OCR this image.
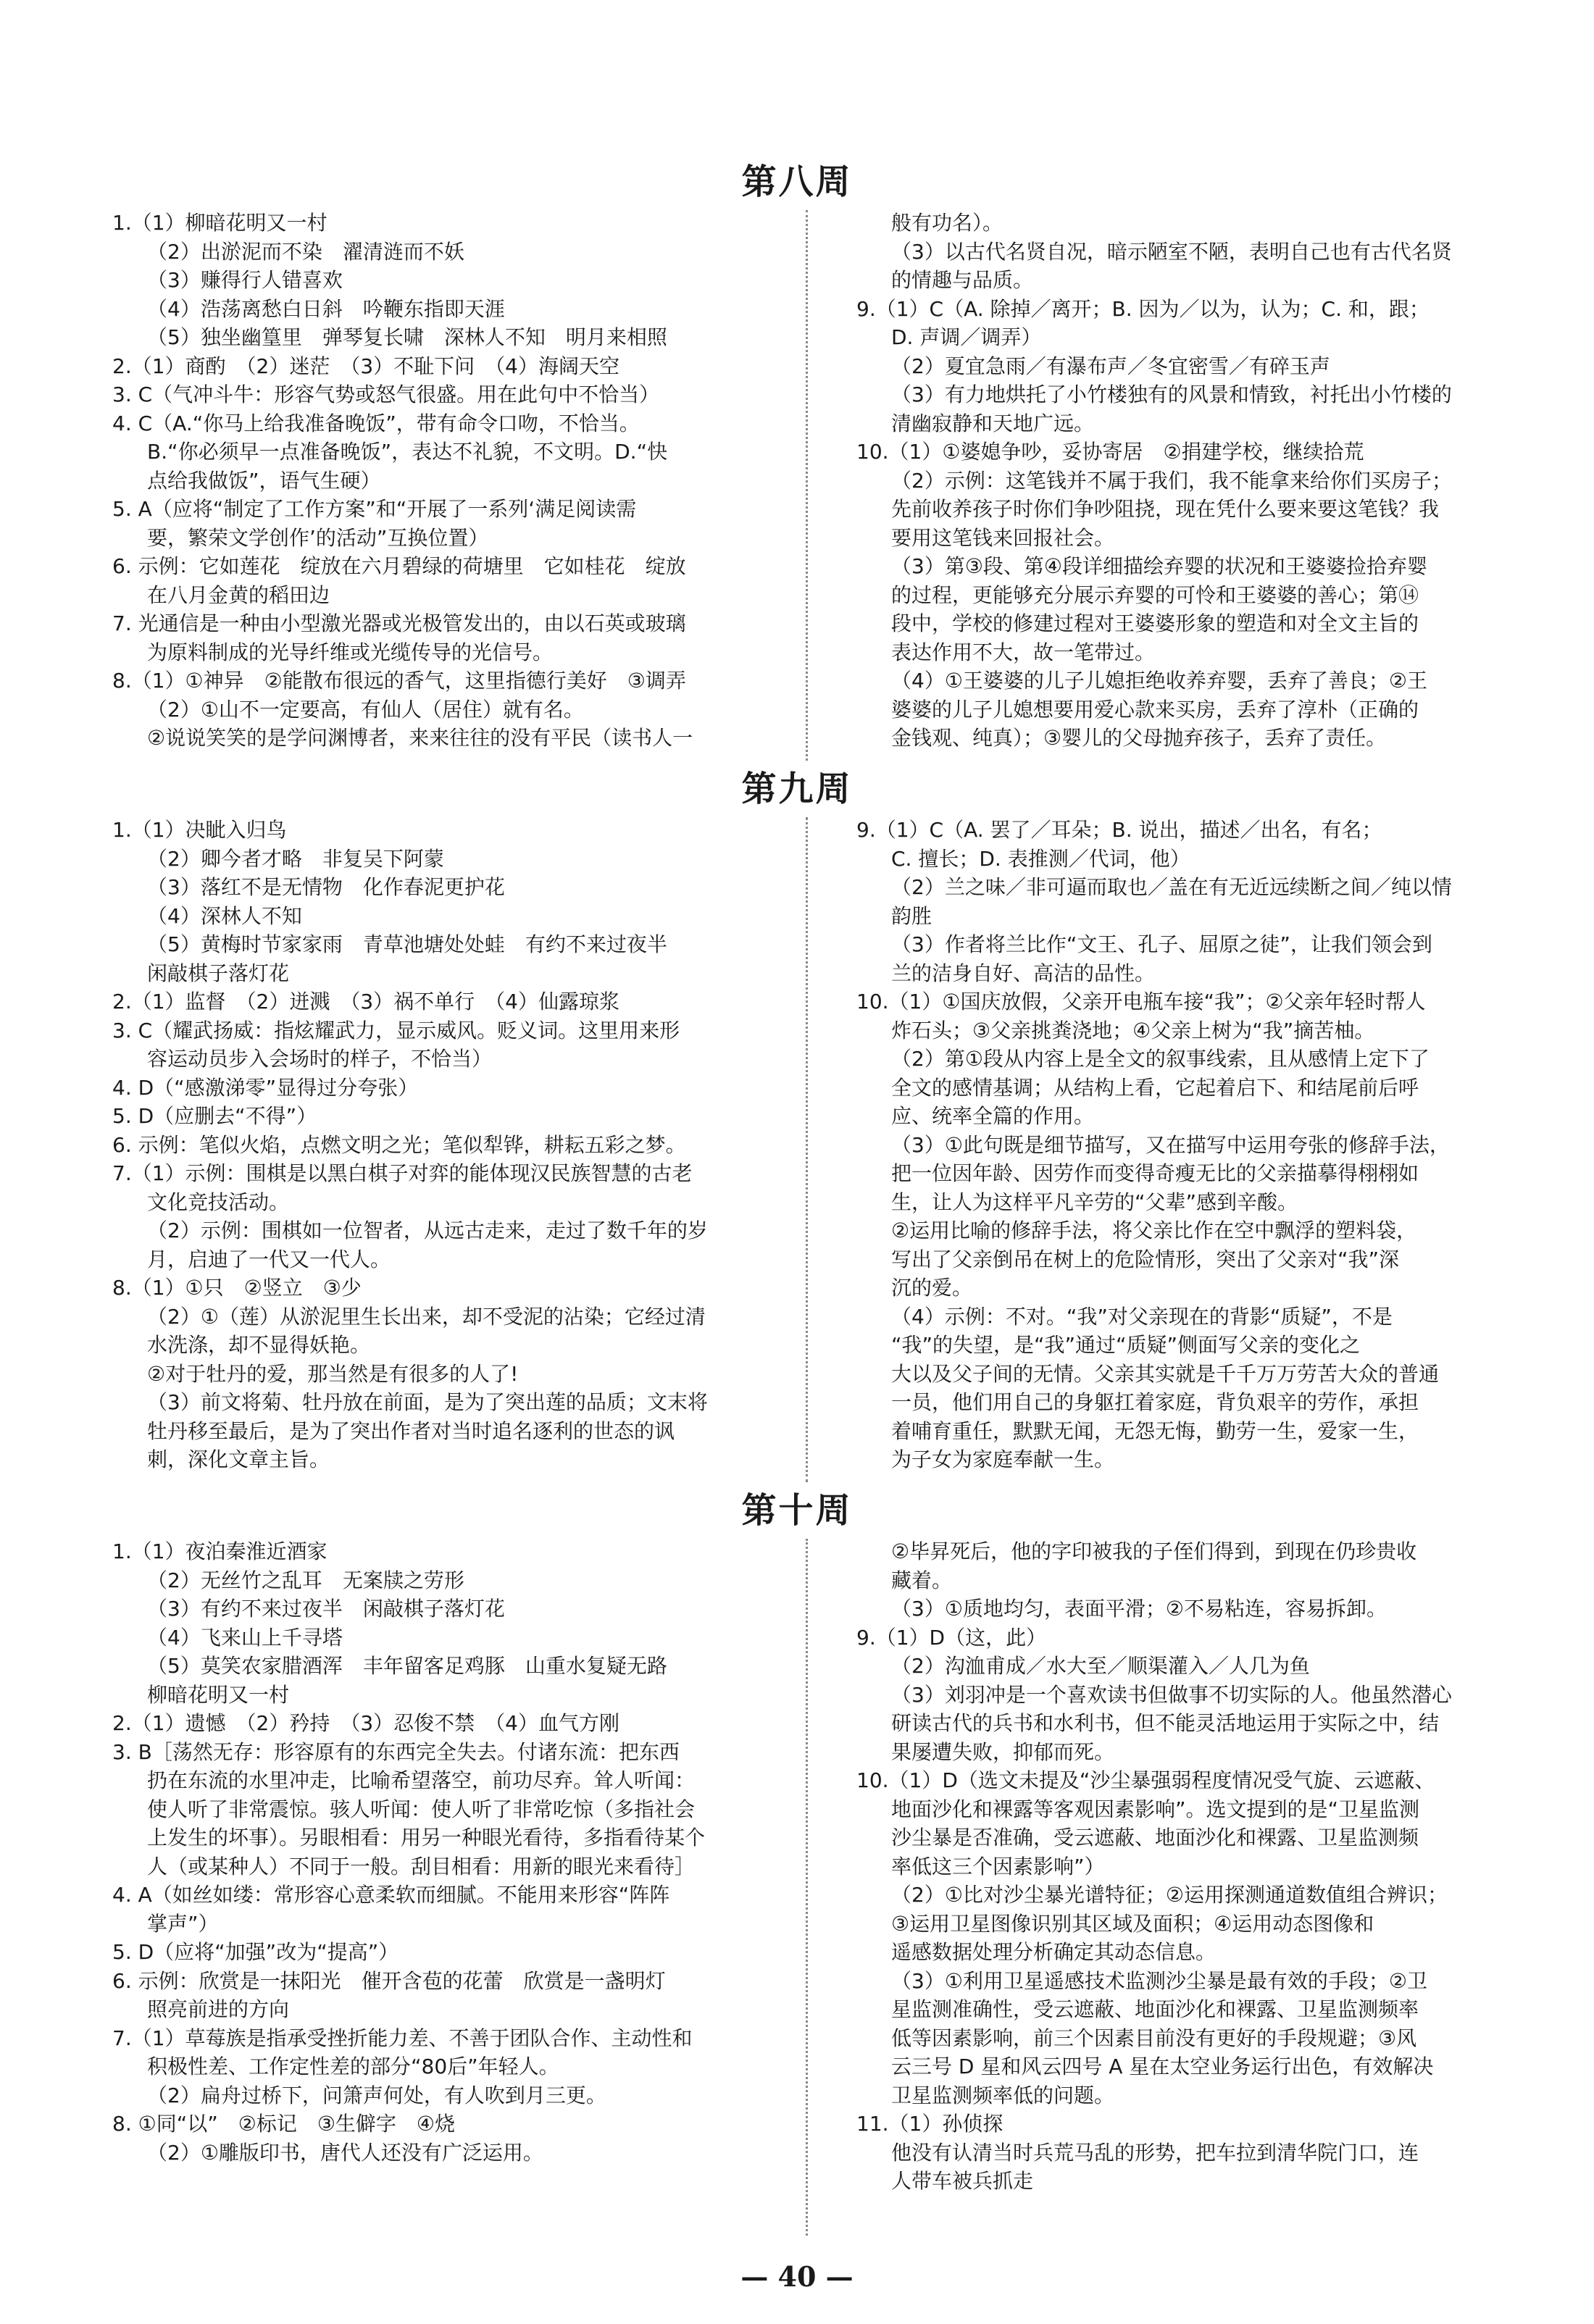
第八周
1.（1）柳暗花明又一村
（2）出淤泥而不染　濯清涟而不妖
（3）赚得行人错喜欢
（4）浩荡离愁白日斜　吟鞭东指即天涯
（5）独坐幽篁里　弹琴复长啸　深林人不知　明月来相照
2.（1）商酌　（2）迷茫　（3）不耻下问　（4）海阔天空
3. C（气冲斗牛：形容气势或怒气很盛。用在此句中不恰当）
4. C（A.“你马上给我准备晚饭”，带有命令口吻，不恰当。
B.“你必须早一点准备晚饭”，表达不礼貌，不文明。D.“快
点给我做饭”，语气生硬）
5. A（应将“制定了工作方案”和“开展了一系列‘满足阅读需
要，繁荣文学创作’的活动”互换位置）
6. 示例：它如莲花　绽放在六月碧绿的荷塘里　它如桂花　绽放
在八月金黄的稻田边
7. 光通信是一种由小型激光器或光极管发出的，由以石英或玻璃
为原料制成的光导纤维或光缆传导的光信号。
8.（1）①神异　②能散布很远的香气，这里指德行美好　③调弄
（2）①山不一定要高，有仙人（居住）就有名。
②说说笑笑的是学问渊博者，来来往往的没有平民（读书人一
般有功名）。
（3）以古代名贤自况，暗示陋室不陋，表明自己也有古代名贤
的情趣与品质。
9.（1）C（A. 除掉／离开；B. 因为／以为，认为；C. 和，跟；
D. 声调／调弄）
（2）夏宜急雨／有瀑布声／冬宜密雪／有碎玉声
（3）有力地烘托了小竹楼独有的风景和情致，衬托出小竹楼的
清幽寂静和天地广远。
10.（1）①婆媳争吵，妥协寄居　②捐建学校，继续拾荒
（2）示例：这笔钱并不属于我们，我不能拿来给你们买房子；
先前收养孩子时你们争吵阻挠，现在凭什么要来要这笔钱？我
要用这笔钱来回报社会。
（3）第③段、第④段详细描绘弃婴的状况和王婆婆捡拾弃婴
的过程，更能够充分展示弃婴的可怜和王婆婆的善心；第⑭
段中，学校的修建过程对王婆婆形象的塑造和对全文主旨的
表达作用不大，故一笔带过。
（4）①王婆婆的儿子儿媳拒绝收养弃婴，丢弃了善良；②王
婆婆的儿子儿媳想要用爱心款来买房，丢弃了淳朴（正确的
金钱观、纯真）；③婴儿的父母抛弃孩子，丢弃了责任。
第九周
1.（1）决眦入归鸟
（2）卿今者才略　非复吴下阿蒙
（3）落红不是无情物　化作春泥更护花
（4）深林人不知
（5）黄梅时节家家雨　青草池塘处处蛙　有约不来过夜半
闲敲棋子落灯花
2.（1）监督　（2）迸溅　（3）祸不单行　（4）仙露琼浆
3. C（耀武扬威：指炫耀武力，显示威风。贬义词。这里用来形
容运动员步入会场时的样子，不恰当）
4. D（“感激涕零”显得过分夸张）
5. D（应删去“不得”）
6. 示例：笔似火焰，点燃文明之光；笔似犁铧，耕耘五彩之梦。
7.（1）示例：围棋是以黑白棋子对弈的能体现汉民族智慧的古老
文化竞技活动。
（2）示例：围棋如一位智者，从远古走来，走过了数千年的岁
月，启迪了一代又一代人。
8.（1）①只　②竖立　③少
（2）①（莲）从淤泥里生长出来，却不受泥的沾染；它经过清
水洗涤，却不显得妖艳。
②对于牡丹的爱，那当然是有很多的人了!
（3）前文将菊、牡丹放在前面，是为了突出莲的品质；文末将
牡丹移至最后，是为了突出作者对当时追名逐利的世态的讽
刺，深化文章主旨。
9.（1）C（A. 罢了／耳朵；B. 说出，描述／出名，有名；
C. 擅长；D. 表推测／代词，他）
（2）兰之味／非可逼而取也／盖在有无近远续断之间／纯以情
韵胜
（3）作者将兰比作“文王、孔子、屈原之徒”，让我们领会到
兰的洁身自好、高洁的品性。
10.（1）①国庆放假，父亲开电瓶车接“我”；②父亲年轻时帮人
炸石头；③父亲挑粪浇地；④父亲上树为“我”摘苦柚。
（2）第①段从内容上是全文的叙事线索，且从感情上定下了
全文的感情基调；从结构上看，它起着启下、和结尾前后呼
应、统率全篇的作用。
（3）①此句既是细节描写，又在描写中运用夸张的修辞手法，
把一位因年龄、因劳作而变得奇瘦无比的父亲描摹得栩栩如
生，让人为这样平凡辛劳的“父辈”感到辛酸。
②运用比喻的修辞手法，将父亲比作在空中飘浮的塑料袋，
写出了父亲倒吊在树上的危险情形，突出了父亲对“我”深
沉的爱。
（4）示例：不对。“我”对父亲现在的背影“质疑”，不是
“我”的失望，是“我”通过“质疑”侧面写父亲的变化之
大以及父子间的无情。父亲其实就是千千万万劳苦大众的普通
一员，他们用自己的身躯扛着家庭，背负艰辛的劳作，承担
着哺育重任，默默无闻，无怨无悔，勤劳一生，爱家一生，
为子女为家庭奉献一生。
第十周
1.（1）夜泊秦淮近酒家
（2）无丝竹之乱耳　无案牍之劳形
（3）有约不来过夜半　闲敲棋子落灯花
（4）飞来山上千寻塔
（5）莫笑农家腊酒浑　丰年留客足鸡豚　山重水复疑无路
柳暗花明又一村
2.（1）遗憾　（2）矜持　（3）忍俊不禁　（4）血气方刚
3. B［荡然无存：形容原有的东西完全失去。付诸东流：把东西
扔在东流的水里冲走，比喻希望落空，前功尽弃。耸人听闻：
使人听了非常震惊。骇人听闻：使人听了非常吃惊（多指社会
上发生的坏事）。另眼相看：用另一种眼光看待，多指看待某个
人（或某种人）不同于一般。刮目相看：用新的眼光来看待］
4. A（如丝如缕：常形容心意柔软而细腻。不能用来形容“阵阵
掌声”）
5. D（应将“加强”改为“提高”）
6. 示例：欣赏是一抹阳光　催开含苞的花蕾　欣赏是一盏明灯
照亮前进的方向
7.（1）草莓族是指承受挫折能力差、不善于团队合作、主动性和
积极性差、工作定性差的部分“80后”年轻人。
（2）扁舟过桥下，问箫声何处，有人吹到月三更。
8. ①同“以”　②标记　③生僻字　④烧
（2）①雕版印书，唐代人还没有广泛运用。
②毕昇死后，他的字印被我的子侄们得到，到现在仍珍贵收
藏着。
（3）①质地均匀，表面平滑；②不易粘连，容易拆卸。
9.（1）D（这，此）
（2）沟洫甫成／水大至／顺渠灌入／人几为鱼
（3）刘羽冲是一个喜欢读书但做事不切实际的人。他虽然潜心
研读古代的兵书和水利书，但不能灵活地运用于实际之中，结
果屡遭失败，抑郁而死。
10.（1）D（选文未提及“沙尘暴强弱程度情况受气旋、云遮蔽、
地面沙化和裸露等客观因素影响”。选文提到的是“卫星监测
沙尘暴是否准确，受云遮蔽、地面沙化和裸露、卫星监测频
率低这三个因素影响”）
（2）①比对沙尘暴光谱特征；②运用探测通道数值组合辨识；
③运用卫星图像识别其区域及面积；④运用动态图像和
遥感数据处理分析确定其动态信息。
（3）①利用卫星遥感技术监测沙尘暴是最有效的手段；②卫
星监测准确性，受云遮蔽、地面沙化和裸露、卫星监测频率
低等因素影响，前三个因素目前没有更好的手段规避；③风
云三号 D 星和风云四号 A 星在太空业务运行出色，有效解决
卫星监测频率低的问题。
11.（1）孙侦探
他没有认清当时兵荒马乱的形势，把车拉到清华院门口，连
人带车被兵抓走
— 40 —
